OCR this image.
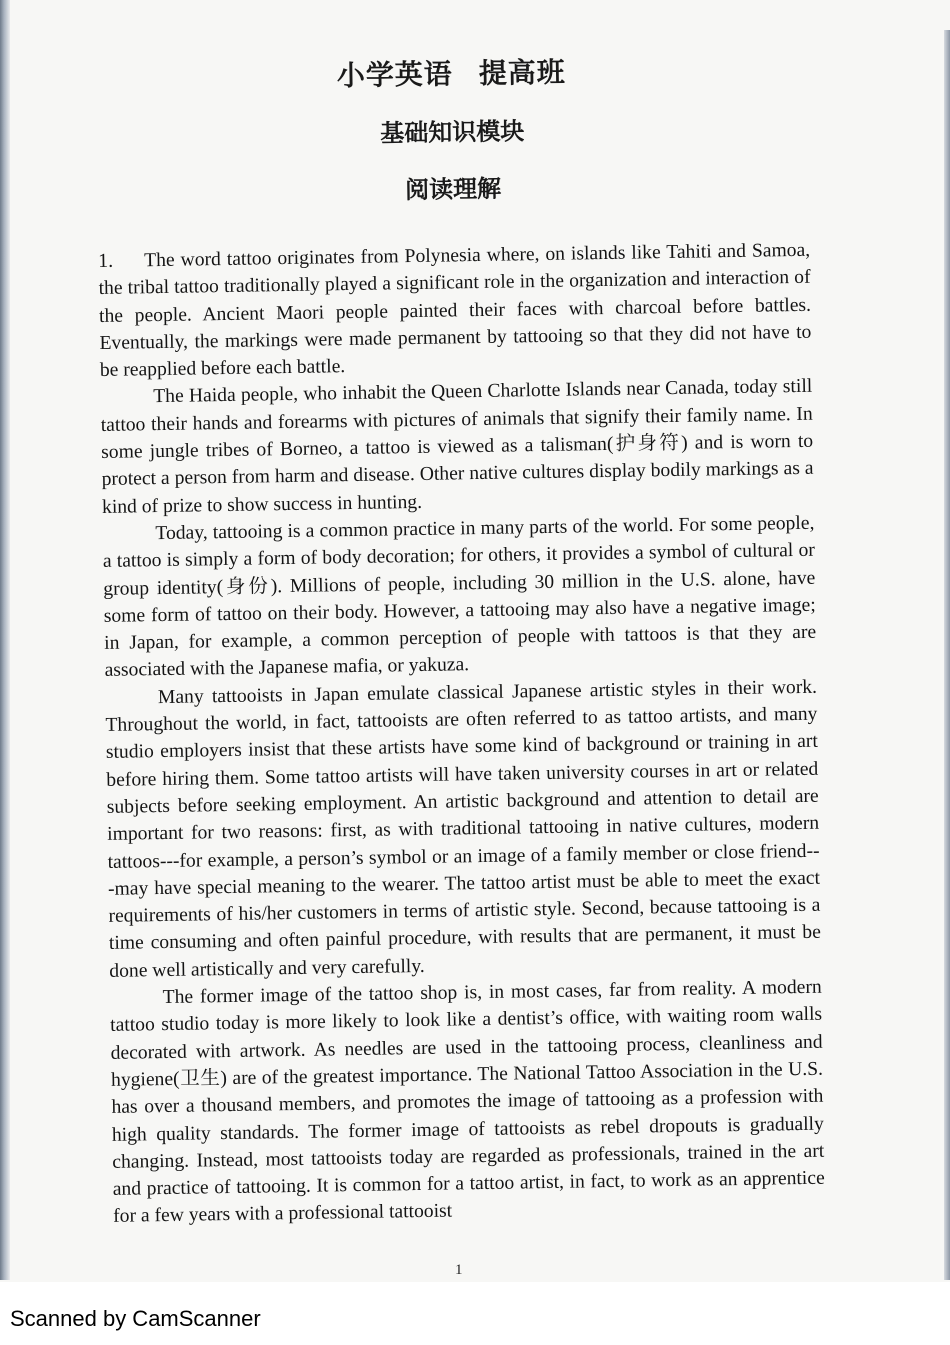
小学英语 提高班
基础知识模块
阅读理解

1. The word tattoo originates from Polynesia where, on islands like Tahiti and Samoa, the tribal tattoo traditionally played a significant role in the organization and interaction of the people. Ancient Maori people painted their faces with charcoal before battles. Eventually, the markings were made permanent by tattooing so that they did not have to be reapplied before each battle.

The Haida people, who inhabit the Queen Charlotte Islands near Canada, today still tattoo their hands and forearms with pictures of animals that signify their family name. In some jungle tribes of Borneo, a tattoo is viewed as a talisman(护身符) and is worn to protect a person from harm and disease. Other native cultures display bodily markings as a kind of prize to show success in hunting.

Today, tattooing is a common practice in many parts of the world. For some people, a tattoo is simply a form of body decoration; for others, it provides a symbol of cultural or group identity(身份). Millions of people, including 30 million in the U.S. alone, have some form of tattoo on their body. However, a tattooing may also have a negative image; in Japan, for example, a common perception of people with tattoos is that they are associated with the Japanese mafia, or yakuza.

Many tattooists in Japan emulate classical Japanese artistic styles in their work. Throughout the world, in fact, tattooists are often referred to as tattoo artists, and many studio employers insist that these artists have some kind of background or training in art before hiring them. Some tattoo artists will have taken university courses in art or related subjects before seeking employment. An artistic background and attention to detail are important for two reasons: first, as with traditional tattooing in native cultures, modern tattoos---for example, a person’s symbol or an image of a family member or close friend---may have special meaning to the wearer. The tattoo artist must be able to meet the exact requirements of his/her customers in terms of artistic style. Second, because tattooing is a time consuming and often painful procedure, with results that are permanent, it must be done well artistically and very carefully.

The former image of the tattoo shop is, in most cases, far from reality. A modern tattoo studio today is more likely to look like a dentist’s office, with waiting room walls decorated with artwork. As needles are used in the tattooing process, cleanliness and hygiene(卫生) are of the greatest importance. The National Tattoo Association in the U.S. has over a thousand members, and promotes the image of tattooing as a profession with high quality standards. The former image of tattooists as rebel dropouts is gradually changing. Instead, most tattooists today are regarded as professionals, trained in the art and practice of tattooing. It is common for a tattoo artist, in fact, to work as an apprentice for a few years with a professional tattooist

1
Scanned by CamScanner
